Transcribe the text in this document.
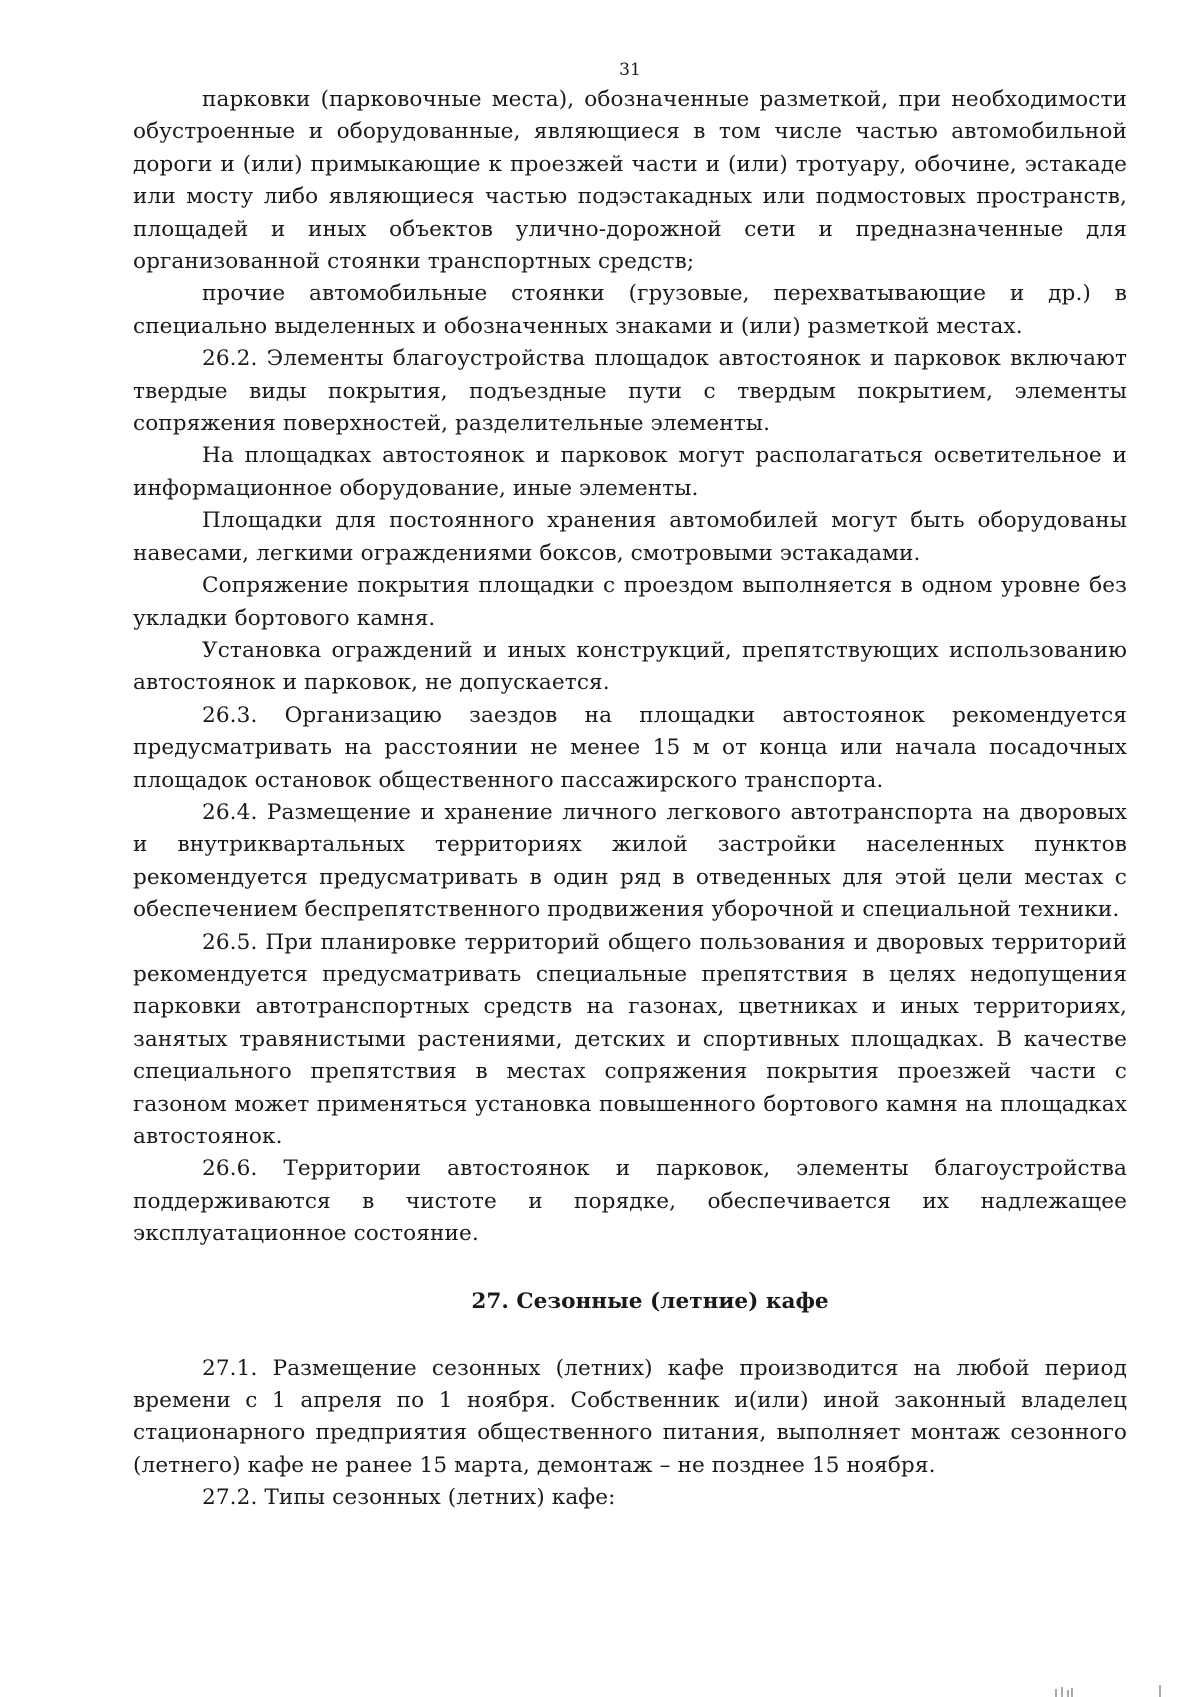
31

парковки (парковочные места), обозначенные разметкой, при необходимости обустроенные и оборудованные, являющиеся в том числе частью автомобильной дороги и (или) примыкающие к проезжей части и (или) тротуару, обочине, эстакаде или мосту либо являющиеся частью подэстакадных или подмостовых пространств, площадей и иных объектов улично-дорожной сети и предназначенные для организованной стоянки транспортных средств;

прочие автомобильные стоянки (грузовые, перехватывающие и др.) в специально выделенных и обозначенных знаками и (или) разметкой местах.

26.2. Элементы благоустройства площадок автостоянок и парковок включают твердые виды покрытия, подъездные пути с твердым покрытием, элементы сопряжения поверхностей, разделительные элементы.

На площадках автостоянок и парковок могут располагаться осветительное и информационное оборудование, иные элементы.

Площадки для постоянного хранения автомобилей могут быть оборудованы навесами, легкими ограждениями боксов, смотровыми эстакадами.

Сопряжение покрытия площадки с проездом выполняется в одном уровне без укладки бортового камня.

Установка ограждений и иных конструкций, препятствующих использованию автостоянок и парковок, не допускается.

26.3. Организацию заездов на площадки автостоянок рекомендуется предусматривать на расстоянии не менее 15 м от конца или начала посадочных площадок остановок общественного пассажирского транспорта.

26.4. Размещение и хранение личного легкового автотранспорта на дворовых и внутриквартальных территориях жилой застройки населенных пунктов рекомендуется предусматривать в один ряд в отведенных для этой цели местах с обеспечением беспрепятственного продвижения уборочной и специальной техники.

26.5. При планировке территорий общего пользования и дворовых территорий рекомендуется предусматривать специальные препятствия в целях недопущения парковки автотранспортных средств на газонах, цветниках и иных территориях, занятых травянистыми растениями, детских и спортивных площадках. В качестве специального препятствия в местах сопряжения покрытия проезжей части с газоном может применяться установка повышенного бортового камня на площадках автостоянок.

26.6. Территории автостоянок и парковок, элементы благоустройства поддерживаются в чистоте и порядке, обеспечивается их надлежащее эксплуатационное состояние.

27. Сезонные (летние) кафе

27.1. Размещение сезонных (летних) кафе производится на любой период времени с 1 апреля по 1 ноября. Собственник и(или) иной законный владелец стационарного предприятия общественного питания, выполняет монтаж сезонного (летнего) кафе не ранее 15 марта, демонтаж – не позднее 15 ноября.

27.2. Типы сезонных (летних) кафе:
